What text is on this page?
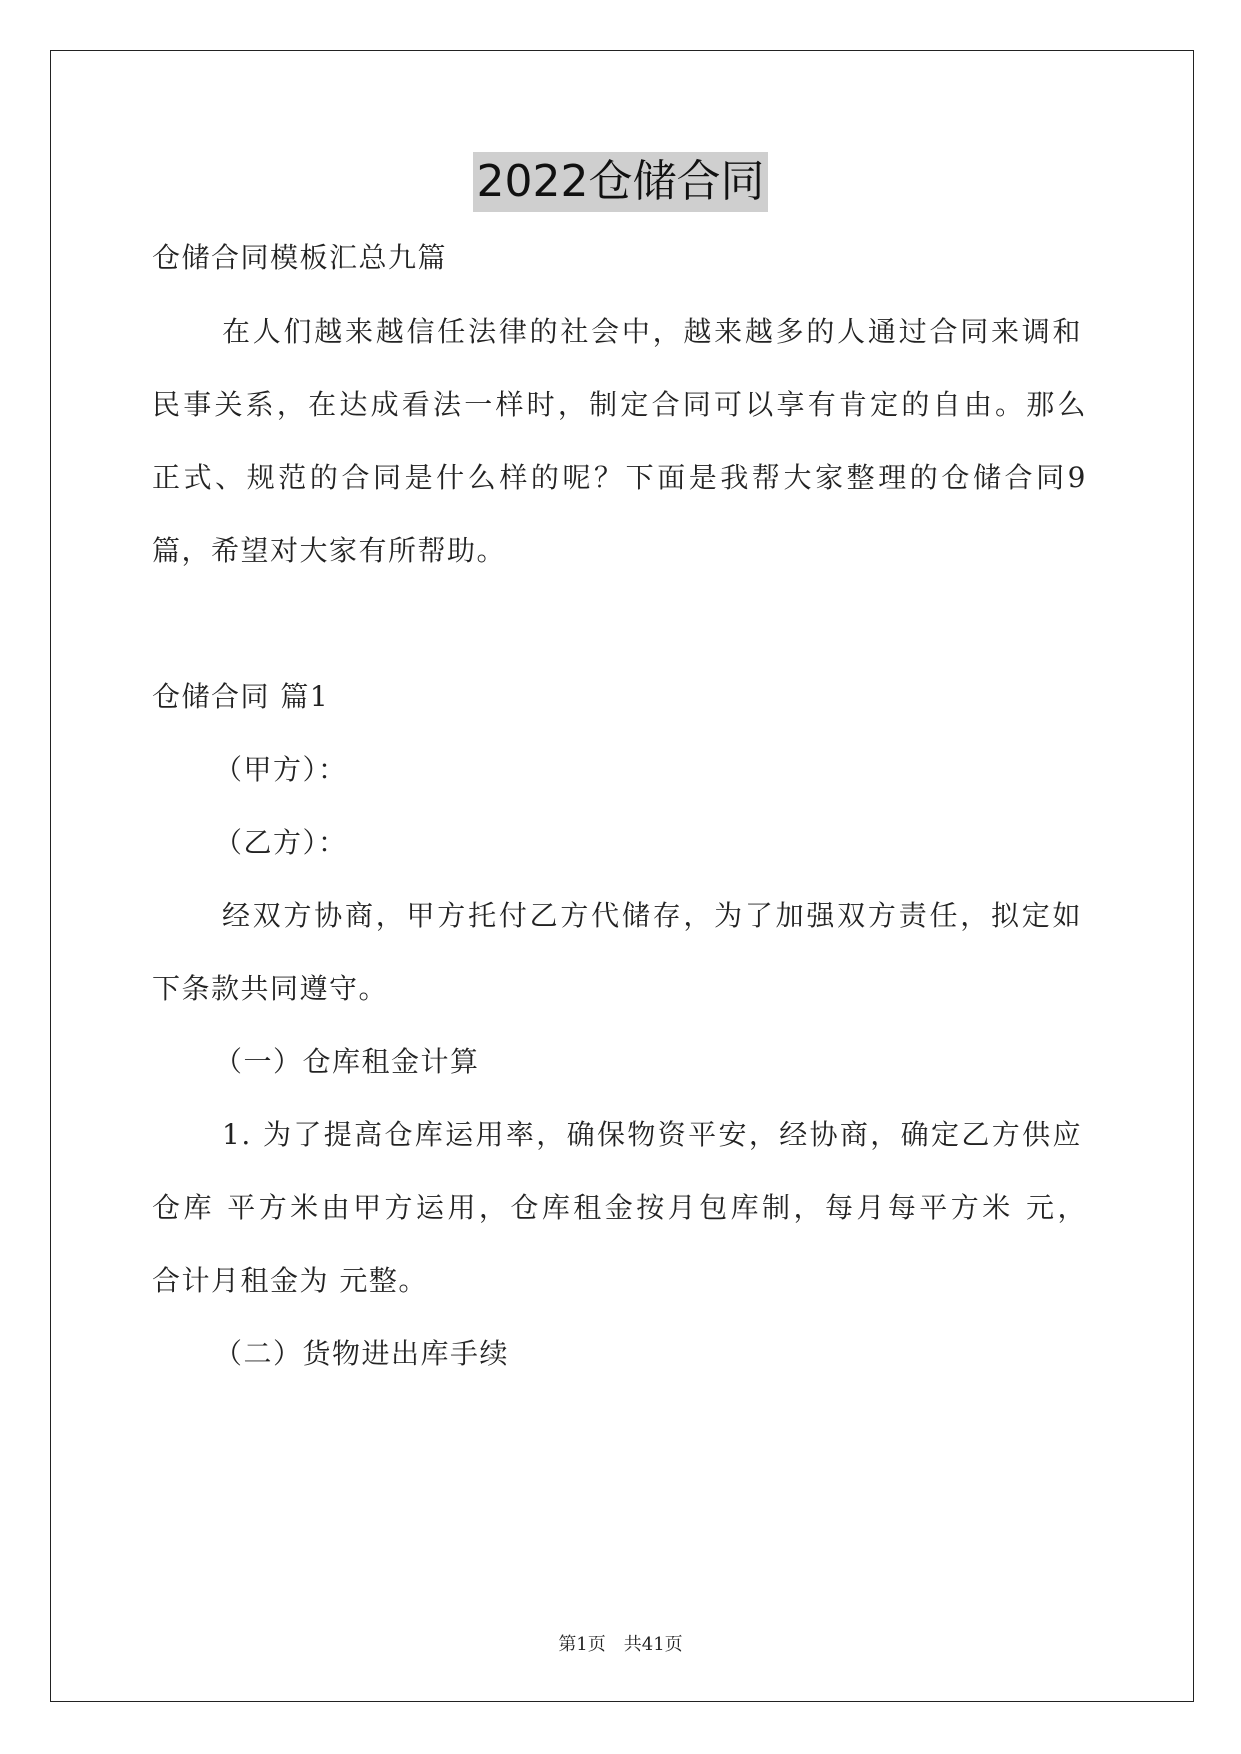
2022仓储合同
仓储合同模板汇总九篇
在人们越来越信任法律的社会中，越来越多的人通过合同来调和
民事关系，在达成看法一样时，制定合同可以享有肯定的自由。那么
正式、规范的合同是什么样的呢？下面是我帮大家整理的仓储合同9
篇，希望对大家有所帮助。
仓储合同 篇1
（甲方）：
（乙方）：
经双方协商，甲方托付乙方代储存，为了加强双方责任，拟定如
下条款共同遵守。
（一）仓库租金计算
1. 为了提高仓库运用率，确保物资平安，经协商，确定乙方供应
仓库 平方米由甲方运用，仓库租金按月包库制，每月每平方米 元，
合计月租金为 元整。
（二）货物进出库手续
第1页　共41页
